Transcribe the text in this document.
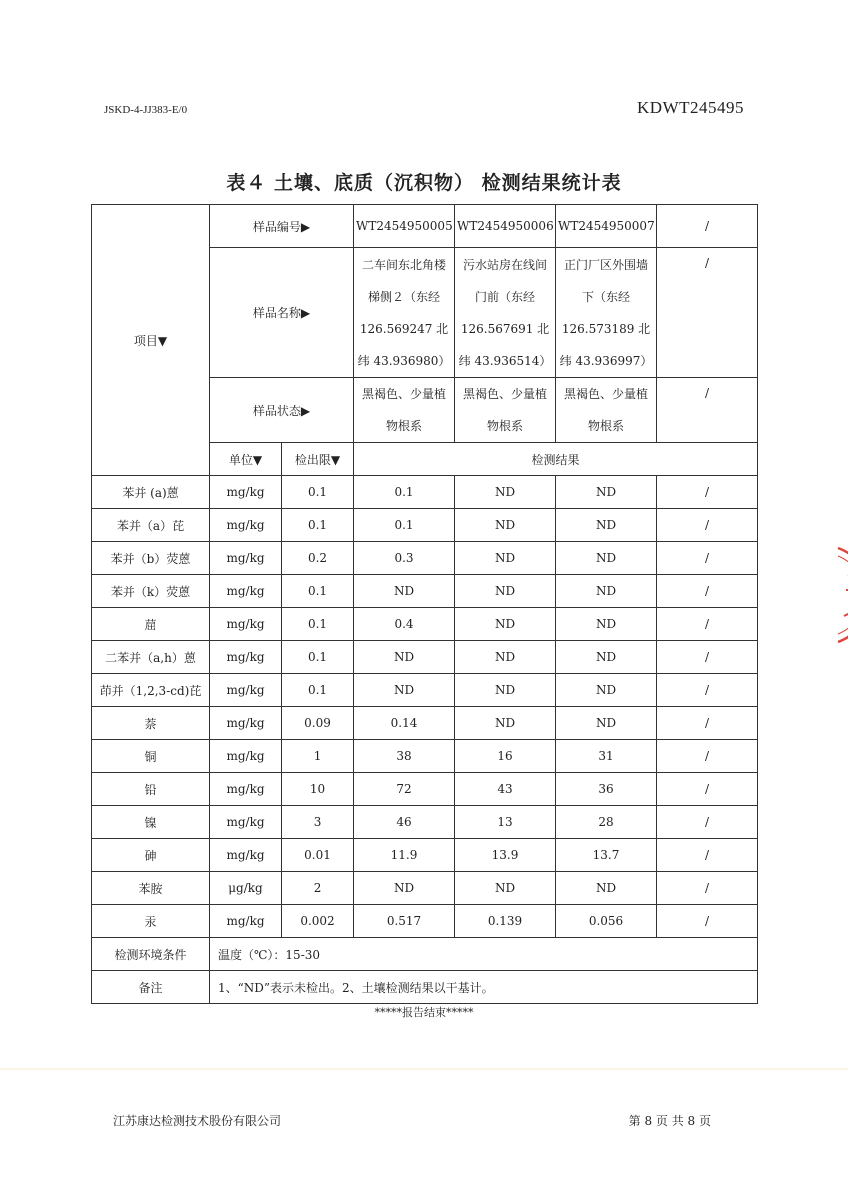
JSKD-4-JJ383-E/0	KDWT245495
表４ 土壤、底质（沉积物） 检测结果统计表
项目▼	样品编号▶		WT2454950005	WT2454950006	WT2454950007	/
	样品名称▶		二车间东北角楼
梯侧２（东经
126.569247 北
纬 43.936980）	污水站房在线间
门前（东经
126.567691 北
纬 43.936514）	正门厂区外围墙
下（东经
126.573189 北
纬 43.936997）	/
	样品状态▶		黑褐色、少量植
物根系	黑褐色、少量植
物根系	黑褐色、少量植
物根系	/
	单位▼	检出限▼	检测结果			
苯并 (a)蒽	mg/kg	0.1	0.1	ND	ND	/
苯并（a）芘	mg/kg	0.1	0.1	ND	ND	/
苯并（b）荧蒽	mg/kg	0.2	0.3	ND	ND	/
苯并（k）荧蒽	mg/kg	0.1	ND	ND	ND	/
䓛	mg/kg	0.1	0.4	ND	ND	/
二苯并（a,h）蒽	mg/kg	0.1	ND	ND	ND	/
茚并（1,2,3-cd)芘	mg/kg	0.1	ND	ND	ND	/
萘	mg/kg	0.09	0.14	ND	ND	/
铜	mg/kg	1	38	16	31	/
铅	mg/kg	10	72	43	36	/
镍	mg/kg	3	46	13	28	/
砷	mg/kg	0.01	11.9	13.9	13.7	/
苯胺	μg/kg	2	ND	ND	ND	/
汞	mg/kg	0.002	0.517	0.139	0.056	/
检测环境条件	温度（℃）：15-30					
备注	1、“ND”表示未检出。2、土壤检测结果以干基计。					
*****报告结束*****
江苏康达检测技术股份有限公司	第 8 页 共 8 页
